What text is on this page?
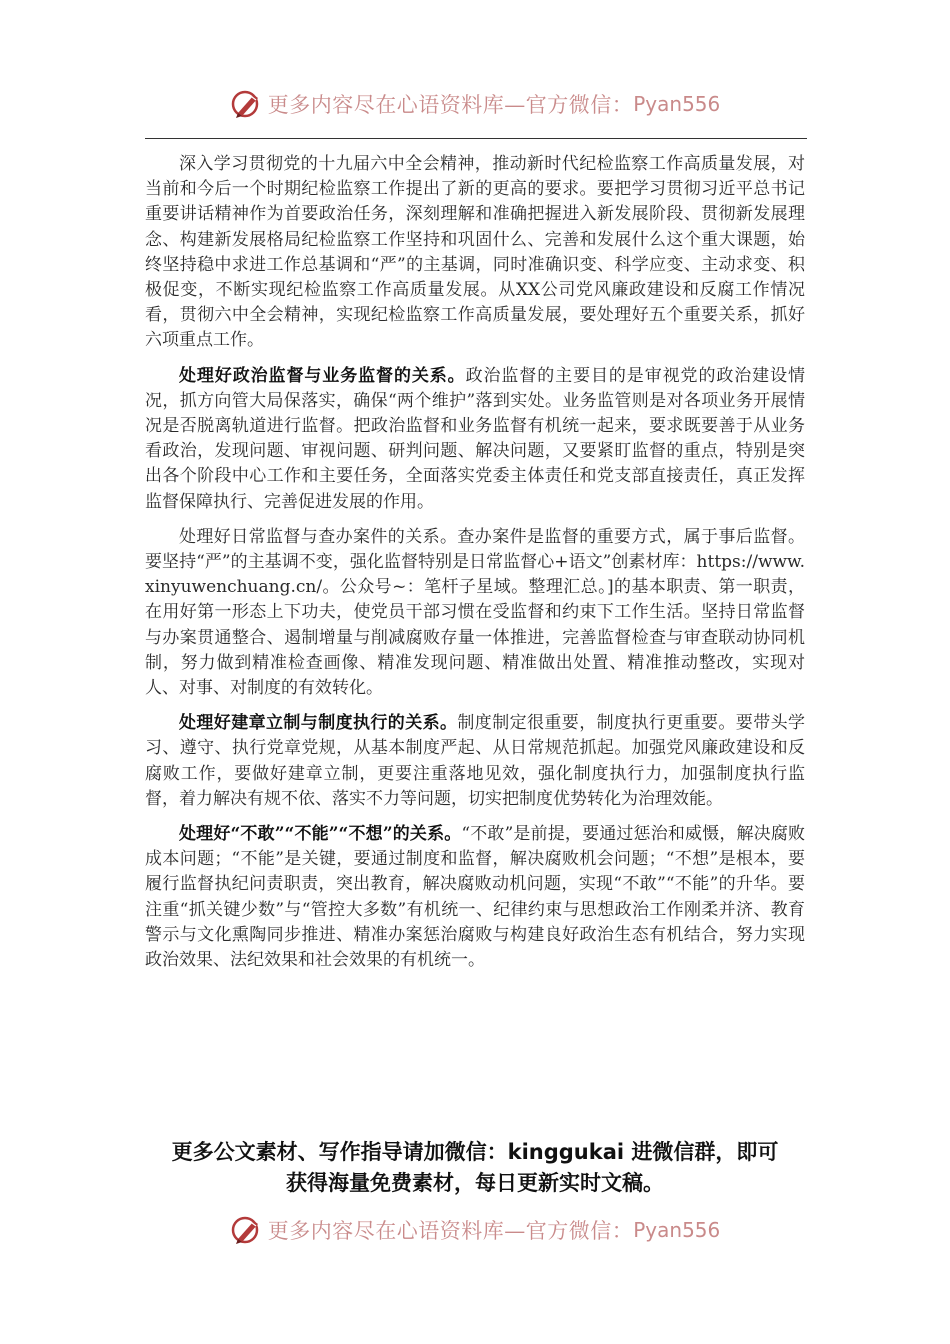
更多内容尽在心语资料库—官方微信： Pyan556

深入学习贯彻党的十九届六中全会精神，推动新时代纪检监察工作高质量发展，对当前和今后一个时期纪检监察工作提出了新的更高的要求。要把学习贯彻习近平总书记重要讲话精神作为首要政治任务，深刻理解和准确把握进入新发展阶段、贯彻新发展理念、构建新发展格局纪检监察工作坚持和巩固什么、完善和发展什么这个重大课题，始终坚持稳中求进工作总基调和“严”的主基调，同时准确识变、科学应变、主动求变、积极促变，不断实现纪检监察工作高质量发展。从XX公司党风廉政建设和反腐工作情况看，贯彻六中全会精神，实现纪检监察工作高质量发展，要处理好五个重要关系，抓好六项重点工作。

处理好政治监督与业务监督的关系。政治监督的主要目的是审视党的政治建设情况，抓方向管大局保落实，确保“两个维护”落到实处。业务监管则是对各项业务开展情况是否脱离轨道进行监督。把政治监督和业务监督有机统一起来，要求既要善于从业务看政治，发现问题、审视问题、研判问题、解决问题，又要紧盯监督的重点，特别是突出各个阶段中心工作和主要任务，全面落实党委主体责任和党支部直接责任，真正发挥监督保障执行、完善促进发展的作用。

处理好日常监督与查办案件的关系。查办案件是监督的重要方式，属于事后监督。要坚持“严”的主基调不变，强化监督特别是日常监督心+语文”创素材库：https://www.xinyuwenchuang.cn/。公众号~：笔杆子星域。整理汇总。]的基本职责、第一职责，在用好第一形态上下功夫，使党员干部习惯在受监督和约束下工作生活。坚持日常监督与办案贯通整合、遏制增量与削减腐败存量一体推进，完善监督检查与审查联动协同机制，努力做到精准检查画像、精准发现问题、精准做出处置、精准推动整改，实现对人、对事、对制度的有效转化。

处理好建章立制与制度执行的关系。制度制定很重要，制度执行更重要。要带头学习、遵守、执行党章党规，从基本制度严起、从日常规范抓起。加强党风廉政建设和反腐败工作，要做好建章立制，更要注重落地见效，强化制度执行力，加强制度执行监督，着力解决有规不依、落实不力等问题，切实把制度优势转化为治理效能。

处理好“不敢”“不能”“不想”的关系。“不敢”是前提，要通过惩治和威慑，解决腐败成本问题；“不能”是关键，要通过制度和监督，解决腐败机会问题；“不想”是根本，要履行监督执纪问责职责，突出教育，解决腐败动机问题，实现“不敢”“不能”的升华。要注重“抓关键少数”与“管控大多数”有机统一、纪律约束与思想政治工作刚柔并济、教育警示与文化熏陶同步推进、精准办案惩治腐败与构建良好政治生态有机结合，努力实现政治效果、法纪效果和社会效果的有机统一。

更多公文素材、写作指导请加微信：kinggukai 进微信群，即可
获得海量免费素材，每日更新实时文稿。
更多内容尽在心语资料库—官方微信： Pyan556
